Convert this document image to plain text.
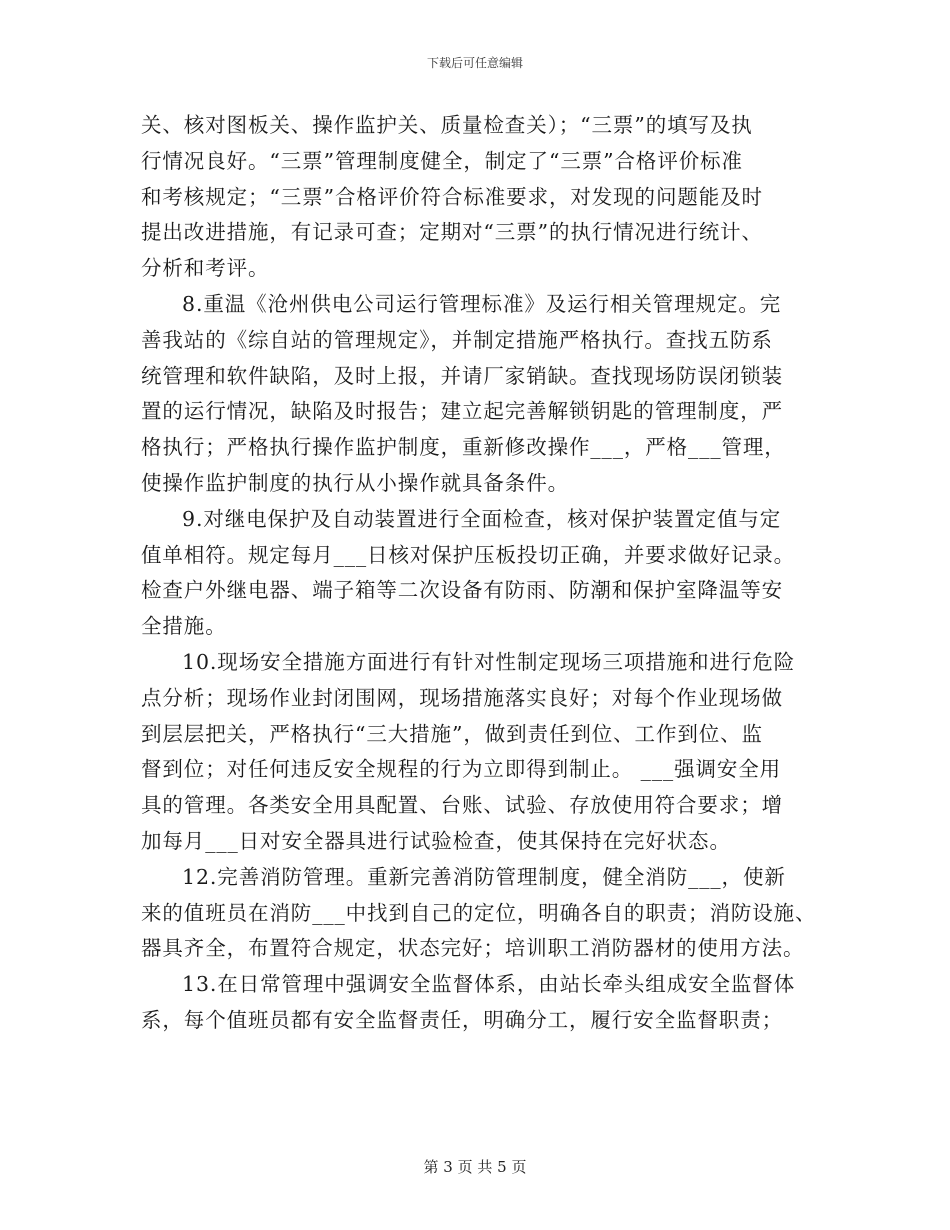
下载后可任意编辑
关、核对图板关、操作监护关、质量检查关）；“三票”的填写及执
行情况良好。“三票”管理制度健全，制定了“三票”合格评价标准
和考核规定；“三票”合格评价符合标准要求，对发现的问题能及时
提出改进措施，有记录可查；定期对“三票”的执行情况进行统计、
分析和考评。
8.重温《沧州供电公司运行管理标准》及运行相关管理规定。完
善我站的《综自站的管理规定》，并制定措施严格执行。查找五防系
统管理和软件缺陷，及时上报，并请厂家销缺。查找现场防误闭锁装
置的运行情况，缺陷及时报告；建立起完善解锁钥匙的管理制度，严
格执行；严格执行操作监护制度，重新修改操作___，严格___管理，
使操作监护制度的执行从小操作就具备条件。
9.对继电保护及自动装置进行全面检查，核对保护装置定值与定
值单相符。规定每月___日核对保护压板投切正确，并要求做好记录。
检查户外继电器、端子箱等二次设备有防雨、防潮和保护室降温等安
全措施。
10.现场安全措施方面进行有针对性制定现场三项措施和进行危险
点分析；现场作业封闭围网，现场措施落实良好；对每个作业现场做
到层层把关，严格执行“三大措施”，做到责任到位、工作到位、监
督到位；对任何违反安全规程的行为立即得到制止。 ___强调安全用
具的管理。各类安全用具配置、台账、试验、存放使用符合要求；增
加每月___日对安全器具进行试验检查，使其保持在完好状态。
12.完善消防管理。重新完善消防管理制度，健全消防___，使新
来的值班员在消防___中找到自己的定位，明确各自的职责；消防设施、
器具齐全，布置符合规定，状态完好；培训职工消防器材的使用方法。
13.在日常管理中强调安全监督体系，由站长牵头组成安全监督体
系，每个值班员都有安全监督责任，明确分工，履行安全监督职责；
第 3 页 共 5 页
